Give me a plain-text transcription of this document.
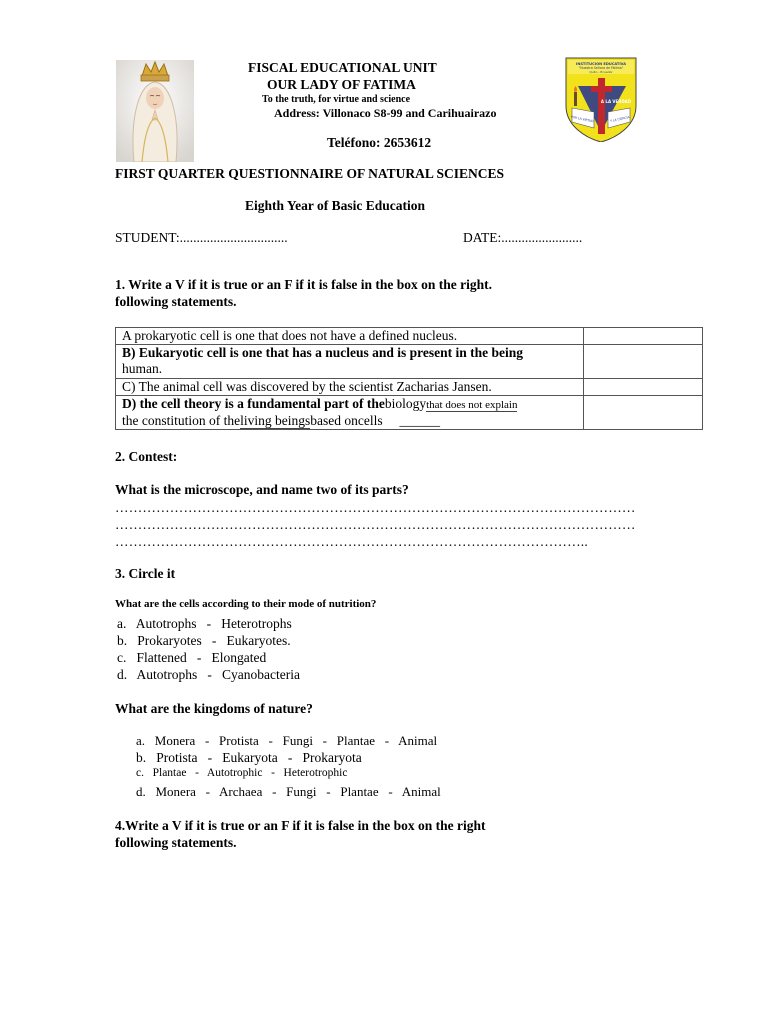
INSTITUCION EDUCATIVA
"Nuestra Señora de Fátima"
Quito - Ecuador
A LA VERDAD
POR LA VIRTUD	Y LA CIENCIA
FISCAL EDUCATIONAL UNIT
OUR LADY OF FATIMA
To the truth, for virtue and science
Address: Villonaco S8-99 and Carihuairazo
Teléfono: 2653612
FIRST QUARTER QUESTIONNAIRE OF NATURAL SCIENCES
Eighth Year of Basic Education
STUDENT:................................	DATE:........................
1. Write a V if it is true or an F if it is false in the box on the right.
following statements.
A prokaryotic cell is one that does not have a defined nucleus.	
B) Eukaryotic cell is one that has a nucleus and is present in the being
human.	
C) The animal cell was discovered by the scientist Zacharias Jansen.	
D) the cell theory is a fundamental part of thebiologythat does not explain
the constitution of theliving beingsbased oncells ______	
2. Contest:
What is the microscope, and name two of its parts?
……………………………………………………………………………………………………
……………………………………………………………………………………………………
…………………………………………………………………………………………..
3. Circle it
What are the cells according to their mode of nutrition?
a. Autotrophs   -   Heterotrophs
b. Prokaryotes   -   Eukaryotes.
c. Flattened   -   Elongated
d. Autotrophs   -   Cyanobacteria
What are the kingdoms of nature?
a. Monera   -   Protista   -   Fungi   -   Plantae   -   Animal
b. Protista   -   Eukaryota   -   Prokaryota
c. Plantae   -   Autotrophic   -   Heterotrophic
d. Monera   -   Archaea   -   Fungi   -   Plantae   -   Animal
4.Write a V if it is true or an F if it is false in the box on the right
following statements.
